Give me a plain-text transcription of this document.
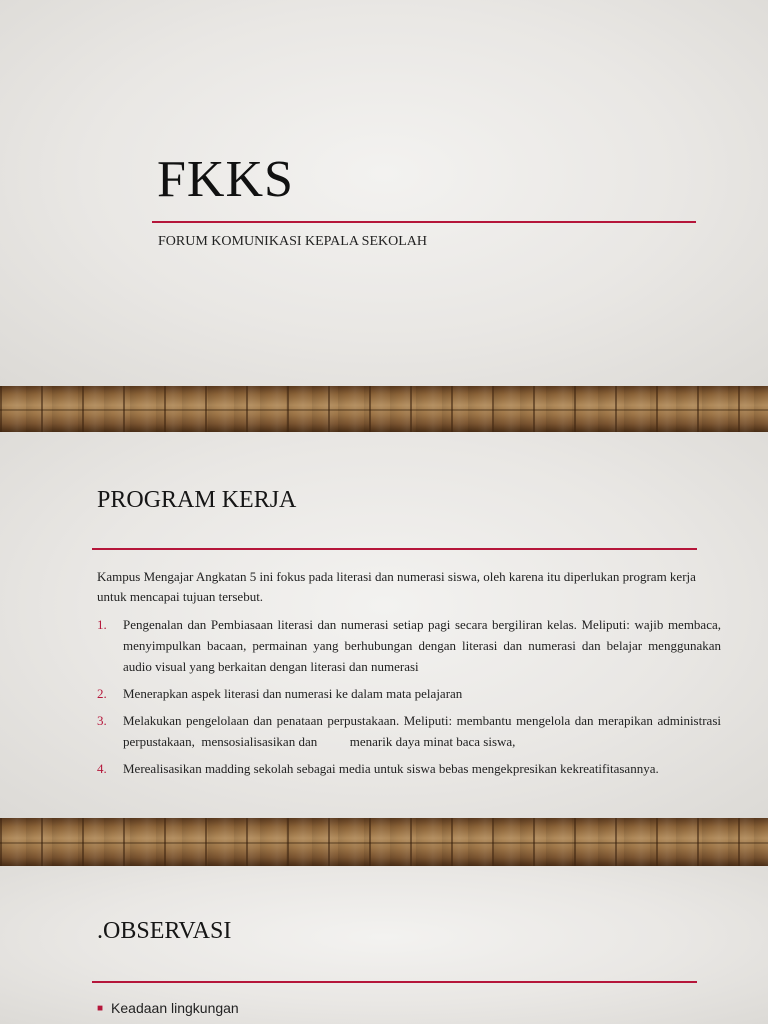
FKKS
FORUM KOMUNIKASI KEPALA SEKOLAH
PROGRAM KERJA
Kampus Mengajar Angkatan 5 ini fokus pada literasi dan numerasi siswa, oleh karena itu diperlukan program kerja untuk mencapai tujuan tersebut.
1. Pengenalan dan Pembiasaan literasi dan numerasi setiap pagi secara bergiliran kelas. Meliputi: wajib membaca, menyimpulkan bacaan, permainan yang berhubungan dengan literasi dan numerasi dan belajar menggunakan audio visual yang berkaitan dengan literasi dan numerasi
2. Menerapkan aspek literasi dan numerasi ke dalam mata pelajaran
3. Melakukan pengelolaan dan penataan perpustakaan. Meliputi: membantu mengelola dan merapikan administrasi perpustakaan,  mensosialisasikan dan          menarik daya minat baca siswa,
4. Merealisasikan madding sekolah sebagai media untuk siswa bebas mengekpresikan kekreatifitasannya.
.OBSERVASI
■ Keadaan lingkungan
